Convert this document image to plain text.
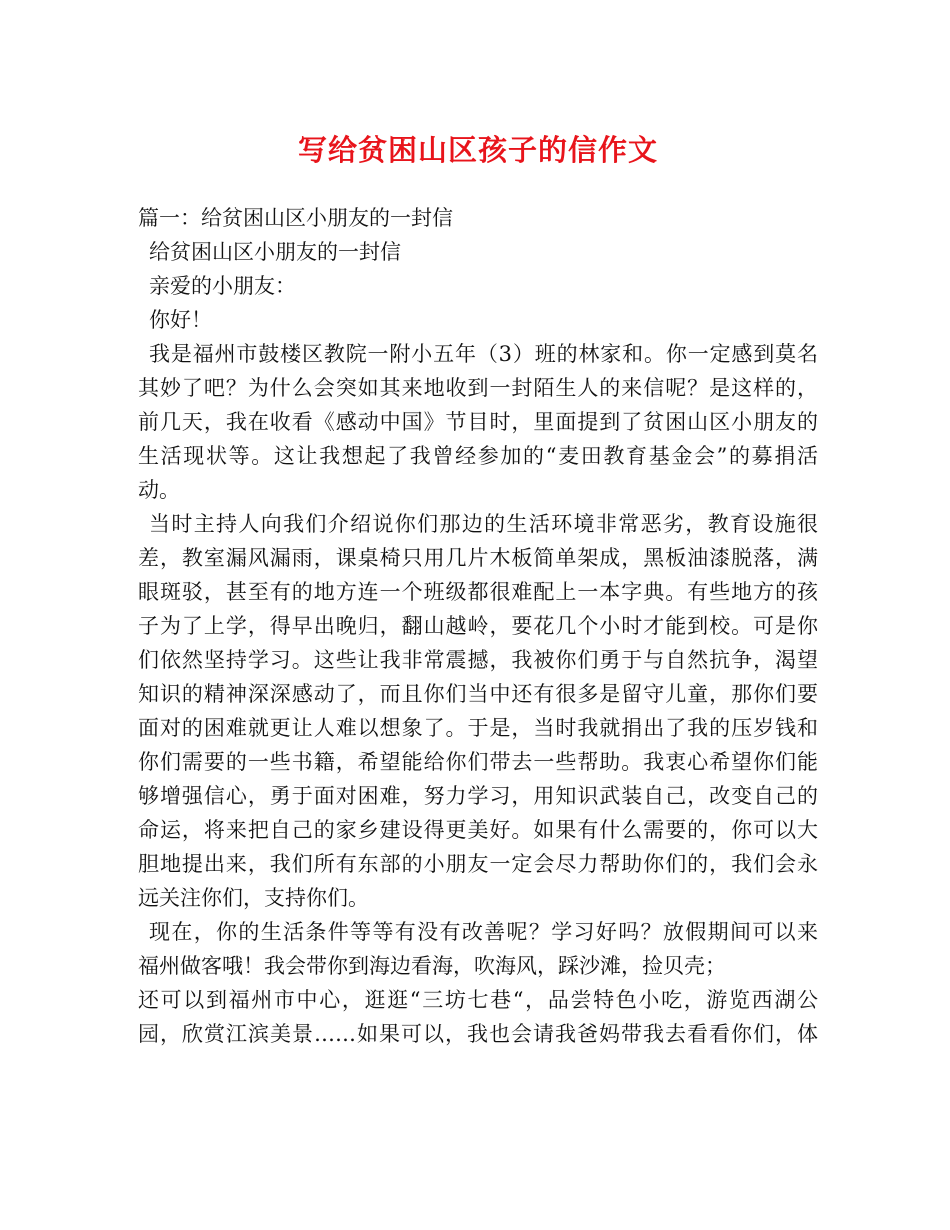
写给贫困山区孩子的信作文
篇一：给贫困山区小朋友的一封信
给贫困山区小朋友的一封信
亲爱的小朋友：
你好！
我是福州市鼓楼区教院一附小五年（3）班的林家和。你一定感到莫名
其妙了吧？为什么会突如其来地收到一封陌生人的来信呢？是这样的，
前几天，我在收看《感动中国》节目时，里面提到了贫困山区小朋友的
生活现状等。这让我想起了我曾经参加的“麦田教育基金会”的募捐活
动。
当时主持人向我们介绍说你们那边的生活环境非常恶劣，教育设施很
差，教室漏风漏雨，课桌椅只用几片木板简单架成，黑板油漆脱落，满
眼斑驳，甚至有的地方连一个班级都很难配上一本字典。有些地方的孩
子为了上学，得早出晚归，翻山越岭，要花几个小时才能到校。可是你
们依然坚持学习。这些让我非常震撼，我被你们勇于与自然抗争，渴望
知识的精神深深感动了，而且你们当中还有很多是留守儿童，那你们要
面对的困难就更让人难以想象了。于是，当时我就捐出了我的压岁钱和
你们需要的一些书籍，希望能给你们带去一些帮助。我衷心希望你们能
够增强信心，勇于面对困难，努力学习，用知识武装自己，改变自己的
命运，将来把自己的家乡建设得更美好。如果有什么需要的，你可以大
胆地提出来，我们所有东部的小朋友一定会尽力帮助你们的，我们会永
远关注你们，支持你们。
现在，你的生活条件等等有没有改善呢？学习好吗？放假期间可以来
福州做客哦！我会带你到海边看海，吹海风，踩沙滩，捡贝壳；
还可以到福州市中心，逛逛“三坊七巷“，品尝特色小吃，游览西湖公
园，欣赏江滨美景……如果可以，我也会请我爸妈带我去看看你们，体
